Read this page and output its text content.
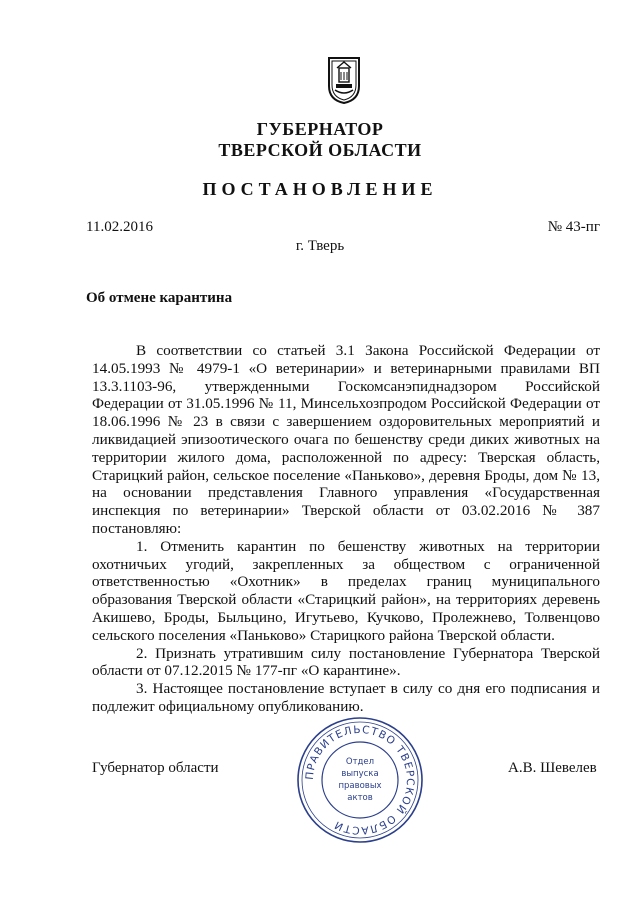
ГУБЕРНАТОР
ТВЕРСКОЙ ОБЛАСТИ
ПОСТАНОВЛЕНИЕ
11.02.2016	№ 43-пг
г. Тверь
Об отмене карантина

В соответствии со статьей 3.1 Закона Российской Федерации от 14.05.1993 № 4979-1 «О ветеринарии» и ветеринарными правилами ВП 13.3.1103-96, утвержденными Госкомсанэпиднадзором Российской Федерации от 31.05.1996 № 11, Минсельхозпродом Российской Федерации от 18.06.1996 № 23 в связи с завершением оздоровительных мероприятий и ликвидацией эпизоотического очага по бешенству среди диких животных на территории жилого дома, расположенной по адресу: Тверская область, Старицкий район, сельское поселение «Паньково», деревня Броды, дом № 13, на основании представления Главного управления «Государственная инспекция по ветеринарии» Тверской области от 03.02.2016 № 387 постановляю:

1. Отменить карантин по бешенству животных на территории охотничьих угодий, закрепленных за обществом с ограниченной ответственностью «Охотник» в пределах границ муниципального образования Тверской области «Старицкий район», на территориях деревень Акишево, Броды, Быльцино, Игутьево, Кучково, Пролежнево, Толвенцово сельского поселения «Паньково» Старицкого района Тверской области.

2. Признать утратившим силу постановление Губернатора Тверской области от 07.12.2015 № 177-пг «О карантине».

3. Настоящее постановление вступает в силу со дня его подписания и подлежит официальному опубликованию.

Губернатор области	А.В. Шевелев
ПРАВИТЕЛЬСТВО ТВЕРСКОЙ ОБЛАСТИ
Отдел
выпуска
правовых
актов
